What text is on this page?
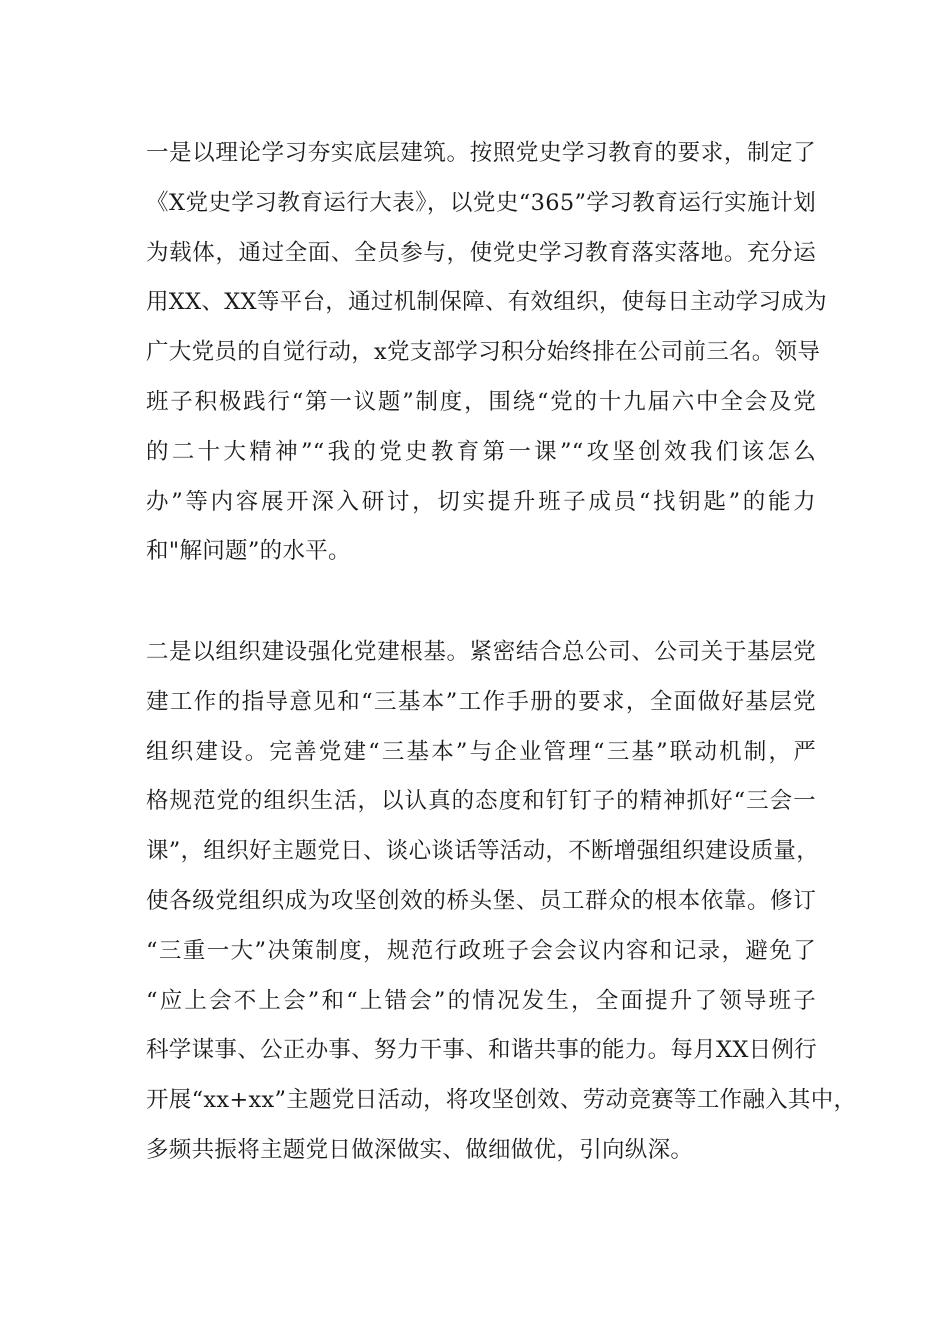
一是以理论学习夯实底层建筑。按照党史学习教育的要求，制定了
《X党史学习教育运行大表》，以党史“365”学习教育运行实施计划
为载体，通过全面、全员参与，使党史学习教育落实落地。充分运
用XX、XX等平台，通过机制保障、有效组织，使每日主动学习成为
广大党员的自觉行动，x党支部学习积分始终排在公司前三名。领导
班子积极践行“第一议题”制度，围绕“党的十九届六中全会及党
的二十大精神”“我的党史教育第一课”“攻坚创效我们该怎么
办”等内容展开深入研讨，切实提升班子成员“找钥匙”的能力
和"解问题”的水平。
二是以组织建设强化党建根基。紧密结合总公司、公司关于基层党
建工作的指导意见和“三基本”工作手册的要求，全面做好基层党
组织建设。完善党建“三基本”与企业管理“三基”联动机制，严
格规范党的组织生活，以认真的态度和钉钉子的精神抓好“三会一
课”，组织好主题党日、谈心谈话等活动，不断增强组织建设质量，
使各级党组织成为攻坚创效的桥头堡、员工群众的根本依靠。修订
“三重一大”决策制度，规范行政班子会会议内容和记录，避免了
“应上会不上会”和“上错会”的情况发生，全面提升了领导班子
科学谋事、公正办事、努力干事、和谐共事的能力。每月XX日例行
开展“xx+xx”主题党日活动，将攻坚创效、劳动竞赛等工作融入其中，
多频共振将主题党日做深做实、做细做优，引向纵深。
